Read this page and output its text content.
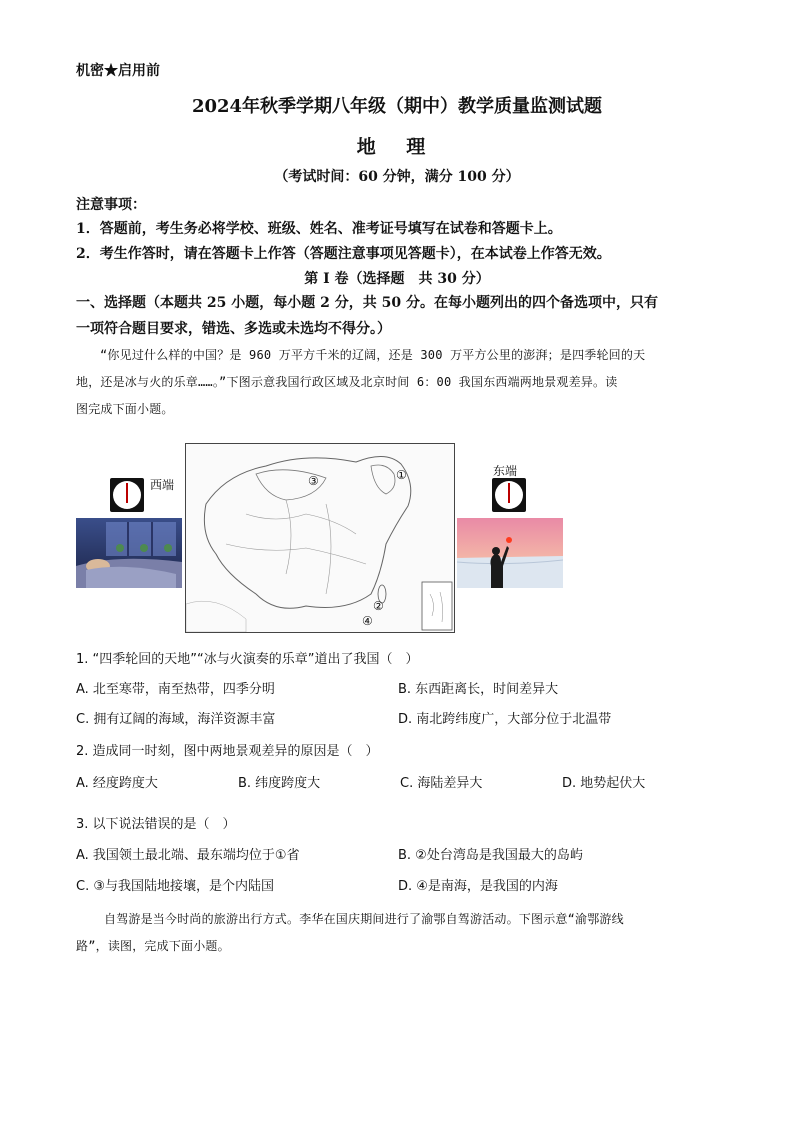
机密★启用前
2024年秋季学期八年级（期中）教学质量监测试题
地 理
（考试时间：60 分钟，满分 100 分）
注意事项：
1．答题前，考生务必将学校、班级、姓名、准考证号填写在试卷和答题卡上。
2．考生作答时，请在答题卡上作答（答题注意事项见答题卡），在本试卷上作答无效。
第 I 卷（选择题　共 30 分）
一、选择题（本题共 25 小题，每小题 2 分，共 50 分。在每小题列出的四个备选项中，只有
一项符合题目要求，错选、多选或未选均不得分。）
“你见过什么样的中国？是 960 万平方千米的辽阔，还是 300 万平方公里的澎湃；是四季轮回的天
地，还是冰与火的乐章……。”下图示意我国行政区域及北京时间 6：00 我国东西端两地景观差异。读
图完成下面小题。
西端
①
②
③
④
东端
1. “四季轮回的天地”“冰与火演奏的乐章”道出了我国（　）
A. 北至寒带，南至热带，四季分明	B. 东西距离长，时间差异大
C. 拥有辽阔的海域，海洋资源丰富	D. 南北跨纬度广，大部分位于北温带
2. 造成同一时刻，图中两地景观差异的原因是（　）
A. 经度跨度大	B. 纬度跨度大	C. 海陆差异大	D. 地势起伏大
3. 以下说法错误的是（　）
A. 我国领土最北端、最东端均位于①省	B. ②处台湾岛是我国最大的岛屿
C. ③与我国陆地接壤，是个内陆国	D. ④是南海，是我国的内海
自驾游是当今时尚的旅游出行方式。李华在国庆期间进行了渝鄂自驾游活动。下图示意“渝鄂游线
路”，读图，完成下面小题。
